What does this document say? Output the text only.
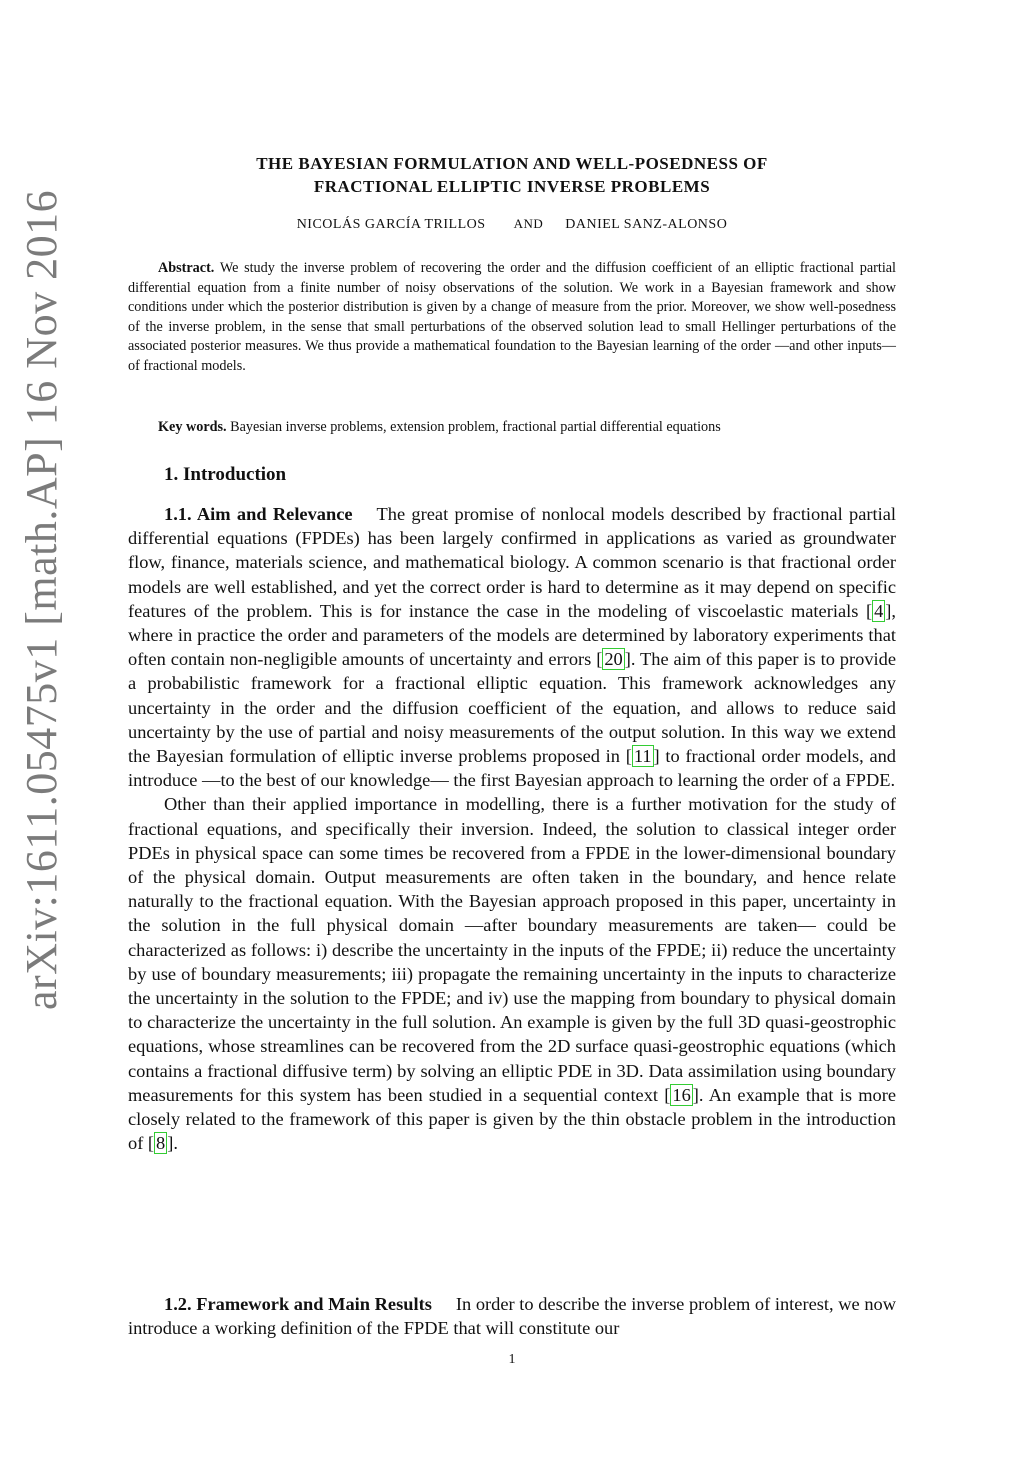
arXiv:1611.05475v1 [math.AP] 16 Nov 2016
THE BAYESIAN FORMULATION AND WELL-POSEDNESS OF
FRACTIONAL ELLIPTIC INVERSE PROBLEMS
NICOLÁS GARCÍA TRILLOS AND DANIEL SANZ-ALONSO

Abstract. We study the inverse problem of recovering the order and the diffusion coefficient of an elliptic fractional partial differential equation from a finite number of noisy observations of the solution. We work in a Bayesian framework and show conditions under which the posterior distribution is given by a change of measure from the prior. Moreover, we show well-posedness of the inverse problem, in the sense that small perturbations of the observed solution lead to small Hellinger perturbations of the associated posterior measures. We thus provide a mathematical foundation to the Bayesian learning of the order —and other inputs— of fractional models.

Key words. Bayesian inverse problems, extension problem, fractional partial differential equations

1. Introduction

1.1. Aim and Relevance The great promise of nonlocal models described by fractional partial differential equations (FPDEs) has been largely confirmed in applications as varied as groundwater flow, finance, materials science, and mathematical biology. A common scenario is that fractional order models are well established, and yet the correct order is hard to determine as it may depend on specific features of the problem. This is for instance the case in the modeling of viscoelastic materials [ 4 ], where in practice the order and parameters of the models are determined by laboratory experiments that often contain non-negligible amounts of uncertainty and errors [ 20 ]. The aim of this paper is to provide a probabilistic framework for a fractional elliptic equation. This framework acknowledges any uncertainty in the order and the diffusion coefficient of the equation, and allows to reduce said uncertainty by the use of partial and noisy measurements of the output solution. In this way we extend the Bayesian formulation of elliptic inverse problems proposed in [ 11 ] to fractional order models, and introduce —to the best of our knowledge— the first Bayesian approach to learning the order of a FPDE.

Other than their applied importance in modelling, there is a further motivation for the study of fractional equations, and specifically their inversion. Indeed, the solution to classical integer order PDEs in physical space can some times be recovered from a FPDE in the lower-dimensional boundary of the physical domain. Output measurements are often taken in the boundary, and hence relate naturally to the fractional equation. With the Bayesian approach proposed in this paper, uncertainty in the solution in the full physical domain —after boundary measurements are taken— could be characterized as follows: i) describe the uncertainty in the inputs of the FPDE; ii) reduce the uncertainty by use of boundary measurements; iii) propagate the remaining uncertainty in the inputs to characterize the uncertainty in the solution to the FPDE; and iv) use the mapping from boundary to physical domain to characterize the uncertainty in the full solution. An example is given by the full 3D quasi-geostrophic equations, whose streamlines can be recovered from the 2D surface quasi-geostrophic equations (which contains a fractional diffusive term) by solving an elliptic PDE in 3D. Data assimilation using boundary measurements for this system has been studied in a sequential context [ 16 ]. An example that is more closely related to the framework of this paper is given by the thin obstacle problem in the introduction of [ 8 ].

1.2. Framework and Main Results In order to describe the inverse problem of interest, we now introduce a working definition of the FPDE that will constitute our

1
